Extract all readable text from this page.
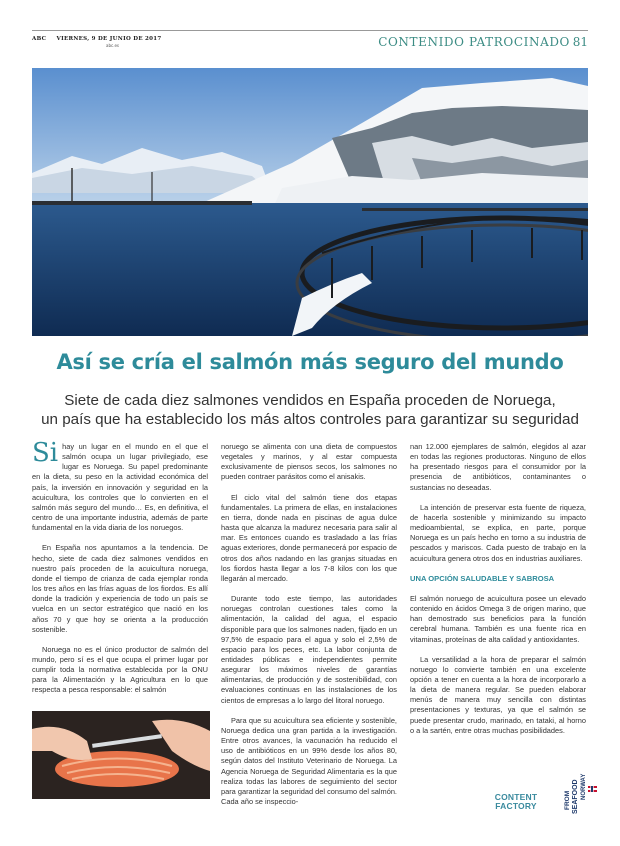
ABC VIERNES, 9 DE JUNIO DE 2017
abc.es	CONTENIDO PATROCINADO 81
Así se cría el salmón más seguro del mundo
Siete de cada diez salmones vendidos en España proceden de Noruega,
un país que ha establecido los más altos controles para garantizar su seguridad

Si hay un lugar en el mundo en el que el salmón ocupa un lugar privilegiado, ese lugar es Noruega. Su papel predominante en la dieta, su peso en la actividad económica del país, la inversión en innovación y seguridad en la acuicultura, los controles que lo convierten en el salmón más seguro del mundo… Es, en definitiva, el centro de una importante industria, además de parte fundamental en la vida diaria de los noruegos.

En España nos apuntamos a la tendencia. De hecho, siete de cada diez salmones vendidos en nuestro país proceden de la acuicultura noruega, donde el tiempo de crianza de cada ejemplar ronda los tres años en las frías aguas de los fiordos. Es allí donde la tradición y experiencia de todo un país se vuelca en un sector estratégico que nació en los años 70 y que hoy se orienta a la producción sostenible.

Noruega no es el único productor de salmón del mundo, pero sí es el que ocupa el primer lugar por cumplir toda la normativa establecida por la ONU para la Alimentación y la Agricultura en lo que respecta a pesca responsable: el salmón

noruego se alimenta con una dieta de compuestos vegetales y marinos, y al estar compuesta exclusivamente de piensos secos, los salmones no pueden contraer parásitos como el anisakis.

El ciclo vital del salmón tiene dos etapas fundamentales. La primera de ellas, en instalaciones en tierra, donde nada en piscinas de agua dulce hasta que alcanza la madurez necesaria para salir al mar. Es entonces cuando es trasladado a las frías aguas exteriores, donde permanecerá por espacio de otros dos años nadando en las granjas situadas en los fiordos hasta llegar a los 7-8 kilos con los que llegarán al mercado.

Durante todo este tiempo, las autoridades noruegas controlan cuestiones tales como la alimentación, la calidad del agua, el espacio disponible para que los salmones naden, fijado en un 97,5% de espacio para el agua y solo el 2,5% de espacio para los peces, etc. La labor conjunta de entidades públicas e independientes permite asegurar los máximos niveles de garantías alimentarias, de producción y de sostenibilidad, con evaluaciones continuas en las instalaciones de los cientos de empresas a lo largo del litoral noruego.

Para que su acuicultura sea eficiente y sostenible, Noruega dedica una gran partida a la investigación. Entre otros avances, la vacunación ha reducido el uso de antibióticos en un 99% desde los años 80, según datos del Instituto Veterinario de Noruega. La Agencia Noruega de Seguridad Alimentaria es la que realiza todas las labores de seguimiento del sector para garantizar la seguridad del consumo del salmón. Cada año se inspeccio-

nan 12.000 ejemplares de salmón, elegidos al azar en todas las regiones productoras. Ninguno de ellos ha presentado riesgos para el consumidor por la presencia de antibióticos, contaminantes o sustancias no deseadas.

La intención de preservar esta fuente de riqueza, de hacerla sostenible y minimizando su impacto medioambiental, se explica, en parte, porque Noruega es un país hecho en torno a su industria de pescados y mariscos. Cada puesto de trabajo en la acuicultura genera otros dos en industrias auxiliares.

UNA OPCIÓN SALUDABLE Y SABROSA

El salmón noruego de acuicultura posee un elevado contenido en ácidos Omega 3 de origen marino, que han demostrado sus beneficios para la función cerebral humana. También es una fuente rica en vitaminas, proteínas de alta calidad y antioxidantes.

La versatilidad a la hora de preparar el salmón noruego lo convierte también en una excelente opción a tener en cuenta a la hora de incorporarlo a la dieta de manera regular. Se pueden elaborar menús de manera muy sencilla con distintas presentaciones y texturas, ya que el salmón se puede presentar crudo, marinado, en tataki, al horno o a la sartén, entre otras muchas posibilidades.

CONTENT
FACTORY	FROM SEAFOOD NORWAY
